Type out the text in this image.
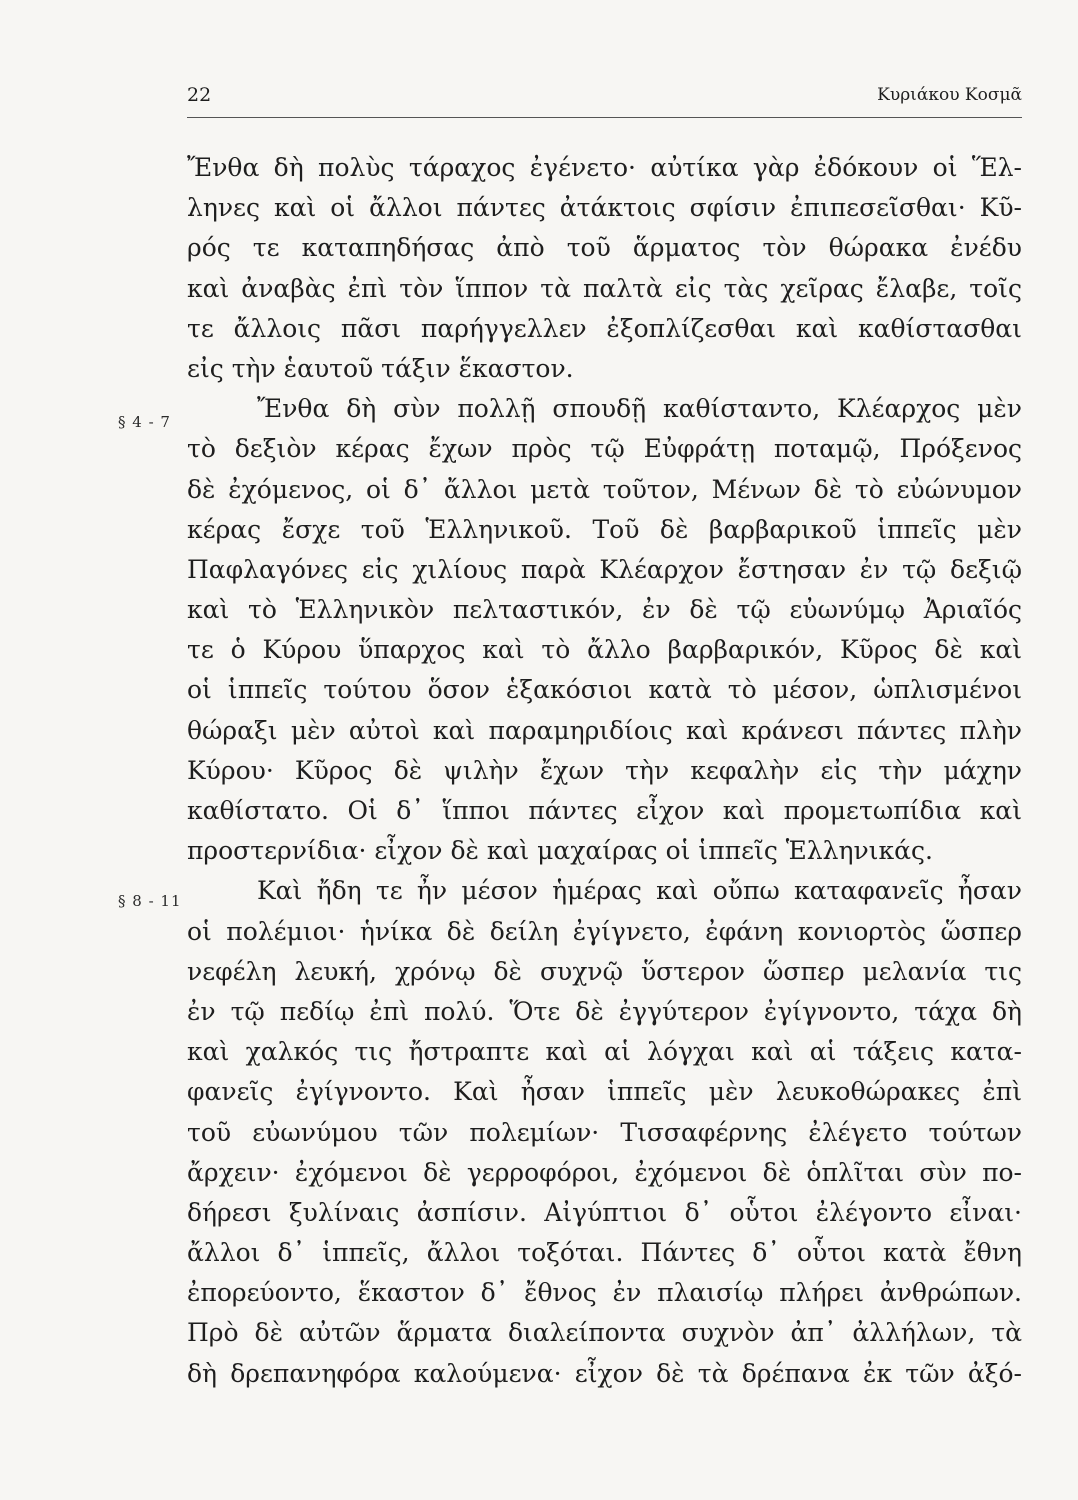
22	Κυριάκου Κοσμᾶ
§ 4 - 7
§ 8 - 11
Ἔνθα δὴ πολὺς τάραχος ἐγένετο· αὐτίκα γὰρ ἐδόκουν οἱ Ἕλ-
ληνες καὶ οἱ ἄλλοι πάντες ἀτάκτοις σφίσιν ἐπιπεσεῖσθαι· Κῦ-
ρός τε καταπηδήσας ἀπὸ τοῦ ἅρματος τὸν θώρακα ἐνέδυ
καὶ ἀναβὰς ἐπὶ τὸν ἵππον τὰ παλτὰ εἰς τὰς χεῖρας ἔλαβε, τοῖς
τε ἄλλοις πᾶσι παρήγγελλεν ἐξοπλίζεσθαι καὶ καθίστασθαι
εἰς τὴν ἑαυτοῦ τάξιν ἕκαστον.
Ἔνθα δὴ σὺν πολλῇ σπουδῇ καθίσταντο, Κλέαρχος μὲν
τὸ δεξιὸν κέρας ἔχων πρὸς τῷ Εὐφράτῃ ποταμῷ, Πρόξενος
δὲ ἐχόμενος, οἱ δ᾽ ἄλλοι μετὰ τοῦτον, Μένων δὲ τὸ εὐώνυμον
κέρας ἔσχε τοῦ Ἑλληνικοῦ. Τοῦ δὲ βαρβαρικοῦ ἱππεῖς μὲν
Παφλαγόνες εἰς χιλίους παρὰ Κλέαρχον ἔστησαν ἐν τῷ δεξιῷ
καὶ τὸ Ἑλληνικὸν πελταστικόν, ἐν δὲ τῷ εὐωνύμῳ Ἀριαῖός
τε ὁ Κύρου ὕπαρχος καὶ τὸ ἄλλο βαρβαρικόν, Κῦρος δὲ καὶ
οἱ ἱππεῖς τούτου ὅσον ἑξακόσιοι κατὰ τὸ μέσον, ὡπλισμένοι
θώραξι μὲν αὐτοὶ καὶ παραμηριδίοις καὶ κράνεσι πάντες πλὴν
Κύρου· Κῦρος δὲ ψιλὴν ἔχων τὴν κεφαλὴν εἰς τὴν μάχην
καθίστατο. Οἱ δ᾽ ἵπποι πάντες εἶχον καὶ προμετωπίδια καὶ
προστερνίδια· εἶχον δὲ καὶ μαχαίρας οἱ ἱππεῖς Ἑλληνικάς.
Καὶ ἤδη τε ἦν μέσον ἡμέρας καὶ οὔπω καταφανεῖς ἦσαν
οἱ πολέμιοι· ἡνίκα δὲ δείλη ἐγίγνετο, ἐφάνη κονιορτὸς ὥσπερ
νεφέλη λευκή, χρόνῳ δὲ συχνῷ ὕστερον ὥσπερ μελανία τις
ἐν τῷ πεδίῳ ἐπὶ πολύ. Ὅτε δὲ ἐγγύτερον ἐγίγνοντο, τάχα δὴ
καὶ χαλκός τις ἤστραπτε καὶ αἱ λόγχαι καὶ αἱ τάξεις κατα-
φανεῖς ἐγίγνοντο. Καὶ ἦσαν ἱππεῖς μὲν λευκοθώρακες ἐπὶ
τοῦ εὐωνύμου τῶν πολεμίων· Τισσαφέρνης ἐλέγετο τούτων
ἄρχειν· ἐχόμενοι δὲ γερροφόροι, ἐχόμενοι δὲ ὁπλῖται σὺν πο-
δήρεσι ξυλίναις ἀσπίσιν. Αἰγύπτιοι δ᾽ οὗτοι ἐλέγοντο εἶναι·
ἄλλοι δ᾽ ἱππεῖς, ἄλλοι τοξόται. Πάντες δ᾽ οὗτοι κατὰ ἔθνη
ἐπορεύοντο, ἕκαστον δ᾽ ἔθνος ἐν πλαισίῳ πλήρει ἀνθρώπων.
Πρὸ δὲ αὐτῶν ἅρματα διαλείποντα συχνὸν ἀπ᾽ ἀλλήλων, τὰ
δὴ δρεπανηφόρα καλούμενα· εἶχον δὲ τὰ δρέπανα ἐκ τῶν ἀξό-
